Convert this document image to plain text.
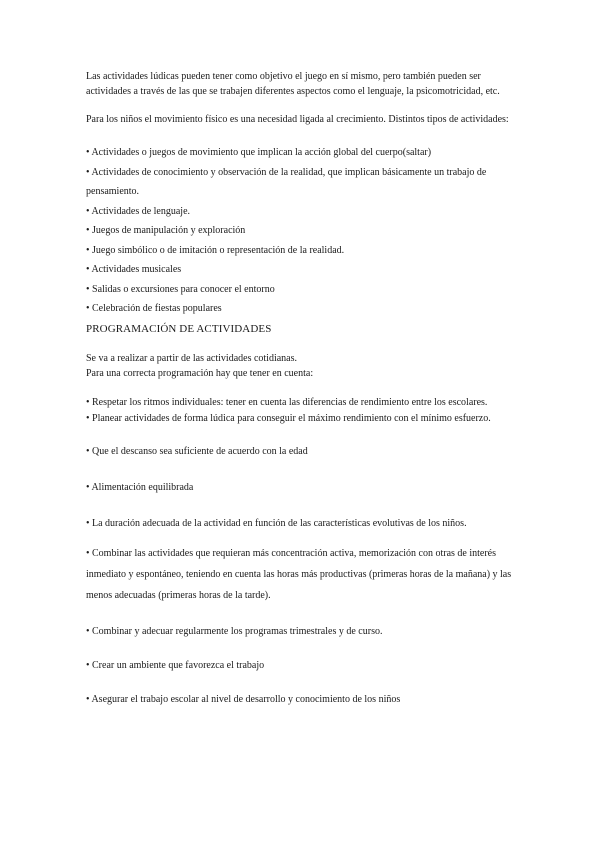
Las actividades lúdicas pueden tener como objetivo el juego en sí mismo, pero también pueden ser actividades a través de las que se trabajen diferentes aspectos como el lenguaje, la psicomotricidad, etc.

Para los niños el movimiento físico es una necesidad ligada al crecimiento. Distintos tipos de actividades:

• Actividades o juegos de movimiento que implican la acción global del cuerpo(saltar)

• Actividades de conocimiento y observación de la realidad, que implican básicamente un trabajo de pensamiento.

• Actividades de lenguaje.

• Juegos de manipulación y exploración

• Juego simbólico o de imitación o representación de la realidad.

• Actividades musicales

• Salidas o excursiones para conocer el entorno

• Celebración de fiestas populares

PROGRAMACIÓN DE ACTIVIDADES

Se va a realizar a partir de las actividades cotidianas.

Para una correcta programación hay que tener en cuenta:

• Respetar los ritmos individuales: tener en cuenta las diferencias de rendimiento entre los escolares.

• Planear actividades de forma lúdica para conseguir el máximo rendimiento con el mínimo esfuerzo.

• Que el descanso sea suficiente de acuerdo con la edad

• Alimentación equilibrada

• La duración adecuada de la actividad en función de las características evolutivas de los niños.

• Combinar las actividades que requieran más concentración activa, memorización con otras de interés inmediato y espontáneo, teniendo en cuenta las horas más productivas (primeras horas de la mañana) y las menos adecuadas (primeras horas de la tarde).

• Combinar y adecuar regularmente los programas trimestrales y de curso.

• Crear un ambiente que favorezca el trabajo

• Asegurar el trabajo escolar al nivel de desarrollo y conocimiento de los niños
